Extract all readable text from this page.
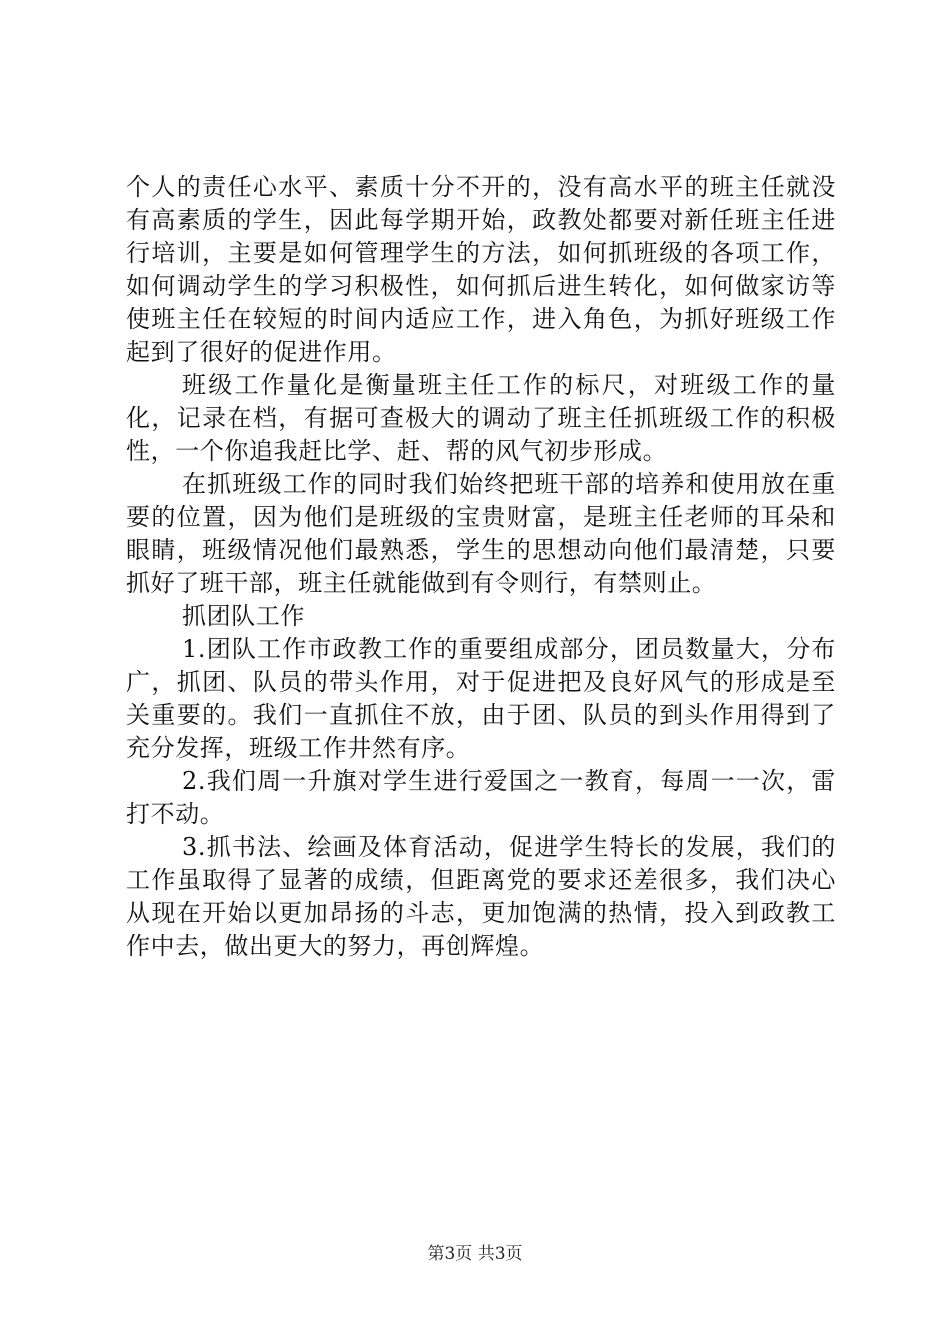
个人的责任心水平、素质十分不开的，没有高水平的班主任就没有高素质的学生，因此每学期开始，政教处都要对新任班主任进行培训，主要是如何管理学生的方法，如何抓班级的各项工作，如何调动学生的学习积极性，如何抓后进生转化，如何做家访等使班主任在较短的时间内适应工作，进入角色，为抓好班级工作起到了很好的促进作用。

班级工作量化是衡量班主任工作的标尺，对班级工作的量化，记录在档，有据可查极大的调动了班主任抓班级工作的积极性，一个你追我赶比学、赶、帮的风气初步形成。

在抓班级工作的同时我们始终把班干部的培养和使用放在重要的位置，因为他们是班级的宝贵财富，是班主任老师的耳朵和眼睛，班级情况他们最熟悉，学生的思想动向他们最清楚，只要抓好了班干部，班主任就能做到有令则行，有禁则止。

抓团队工作

1.团队工作市政教工作的重要组成部分，团员数量大，分布广，抓团、队员的带头作用，对于促进把及良好风气的形成是至关重要的。我们一直抓住不放，由于团、队员的到头作用得到了充分发挥，班级工作井然有序。

2.我们周一升旗对学生进行爱国之一教育，每周一一次，雷打不动。

3.抓书法、绘画及体育活动，促进学生特长的发展，我们的工作虽取得了显著的成绩，但距离党的要求还差很多，我们决心从现在开始以更加昂扬的斗志，更加饱满的热情，投入到政教工作中去，做出更大的努力，再创辉煌。

第3页 共3页
